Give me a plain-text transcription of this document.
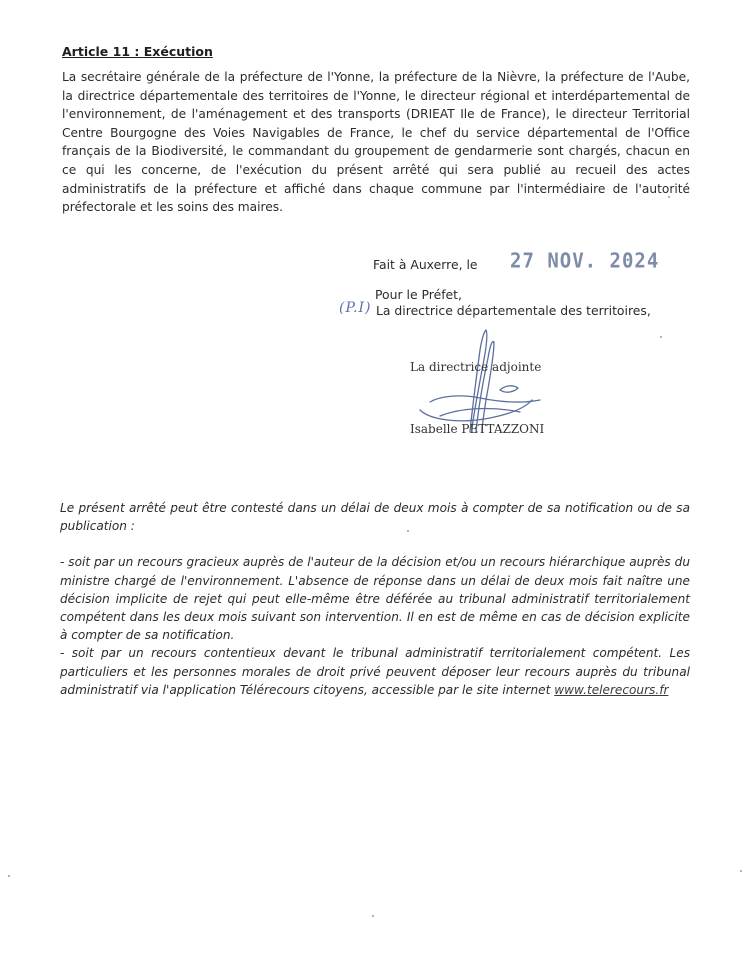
Article 11 : Exécution

La secrétaire générale de la préfecture de l'Yonne, la préfecture de la Nièvre, la préfecture de l'Aube, la directrice départementale des territoires de l'Yonne, le directeur régional et interdépartemental de l'environnement, de l'aménagement et des transports (DRIEAT Ile de France), le directeur Territorial Centre Bourgogne des Voies Navigables de France, le chef du service départemental de l'Office français de la Biodiversité, le commandant du groupement de gendarmerie sont chargés, chacun en ce qui les concerne, de l'exécution du présent arrêté qui sera publié au recueil des actes administratifs de la préfecture et affiché dans chaque commune par l'intermédiaire de l'autorité préfectorale et les soins des maires.

Fait à Auxerre, le 27 NOV. 2024
Pour le Préfet,
(P.I) La directrice départementale des territoires,
La directrice adjointe
Isabelle PETTAZZONI

Le présent arrêté peut être contesté dans un délai de deux mois à compter de sa notification ou de sa publication :

- soit par un recours gracieux auprès de l'auteur de la décision et/ou un recours hiérarchique auprès du ministre chargé de l'environnement. L'absence de réponse dans un délai de deux mois fait naître une décision implicite de rejet qui peut elle-même être déférée au tribunal administratif territorialement compétent dans les deux mois suivant son intervention. Il en est de même en cas de décision explicite à compter de sa notification.

- soit par un recours contentieux devant le tribunal administratif territorialement compétent. Les particuliers et les personnes morales de droit privé peuvent déposer leur recours auprès du tribunal administratif via l'application Télérecours citoyens, accessible par le site internet www.telerecours.fr
